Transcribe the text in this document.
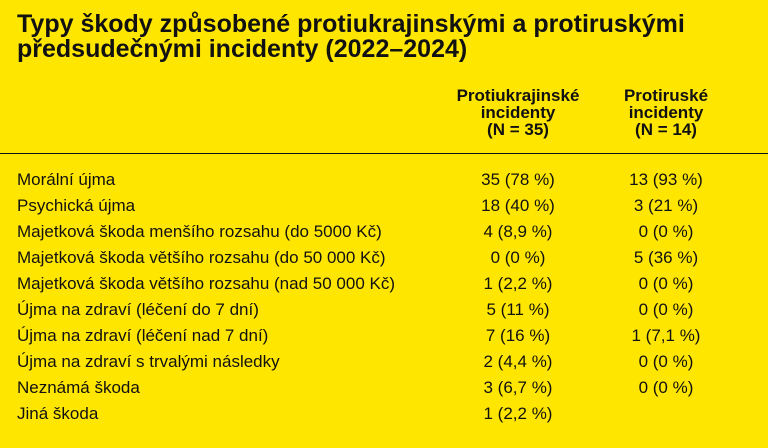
Typy škody způsobené protiukrajinskými a protiruskými předsudečnými incidenty (2022–2024)
Protiukrajinské
incidenty
(N = 35)
Protiruské
incidenty
(N = 14)
Morální újma	35 (78 %)	13 (93 %)
Psychická újma	18 (40 %)	3 (21 %)
Majetková škoda menšího rozsahu (do 5000 Kč)	4 (8,9 %)	0 (0 %)
Majetková škoda většího rozsahu (do 50 000 Kč)	0 (0 %)	5 (36 %)
Majetková škoda většího rozsahu (nad 50 000 Kč)	1 (2,2 %)	0 (0 %)
Újma na zdraví (léčení do 7 dní)	5 (11 %)	0 (0 %)
Újma na zdraví (léčení nad 7 dní)	7 (16 %)	1 (7,1 %)
Újma na zdraví s trvalými následky	2 (4,4 %)	0 (0 %)
Neznámá škoda	3 (6,7 %)	0 (0 %)
Jiná škoda	1 (2,2 %)
